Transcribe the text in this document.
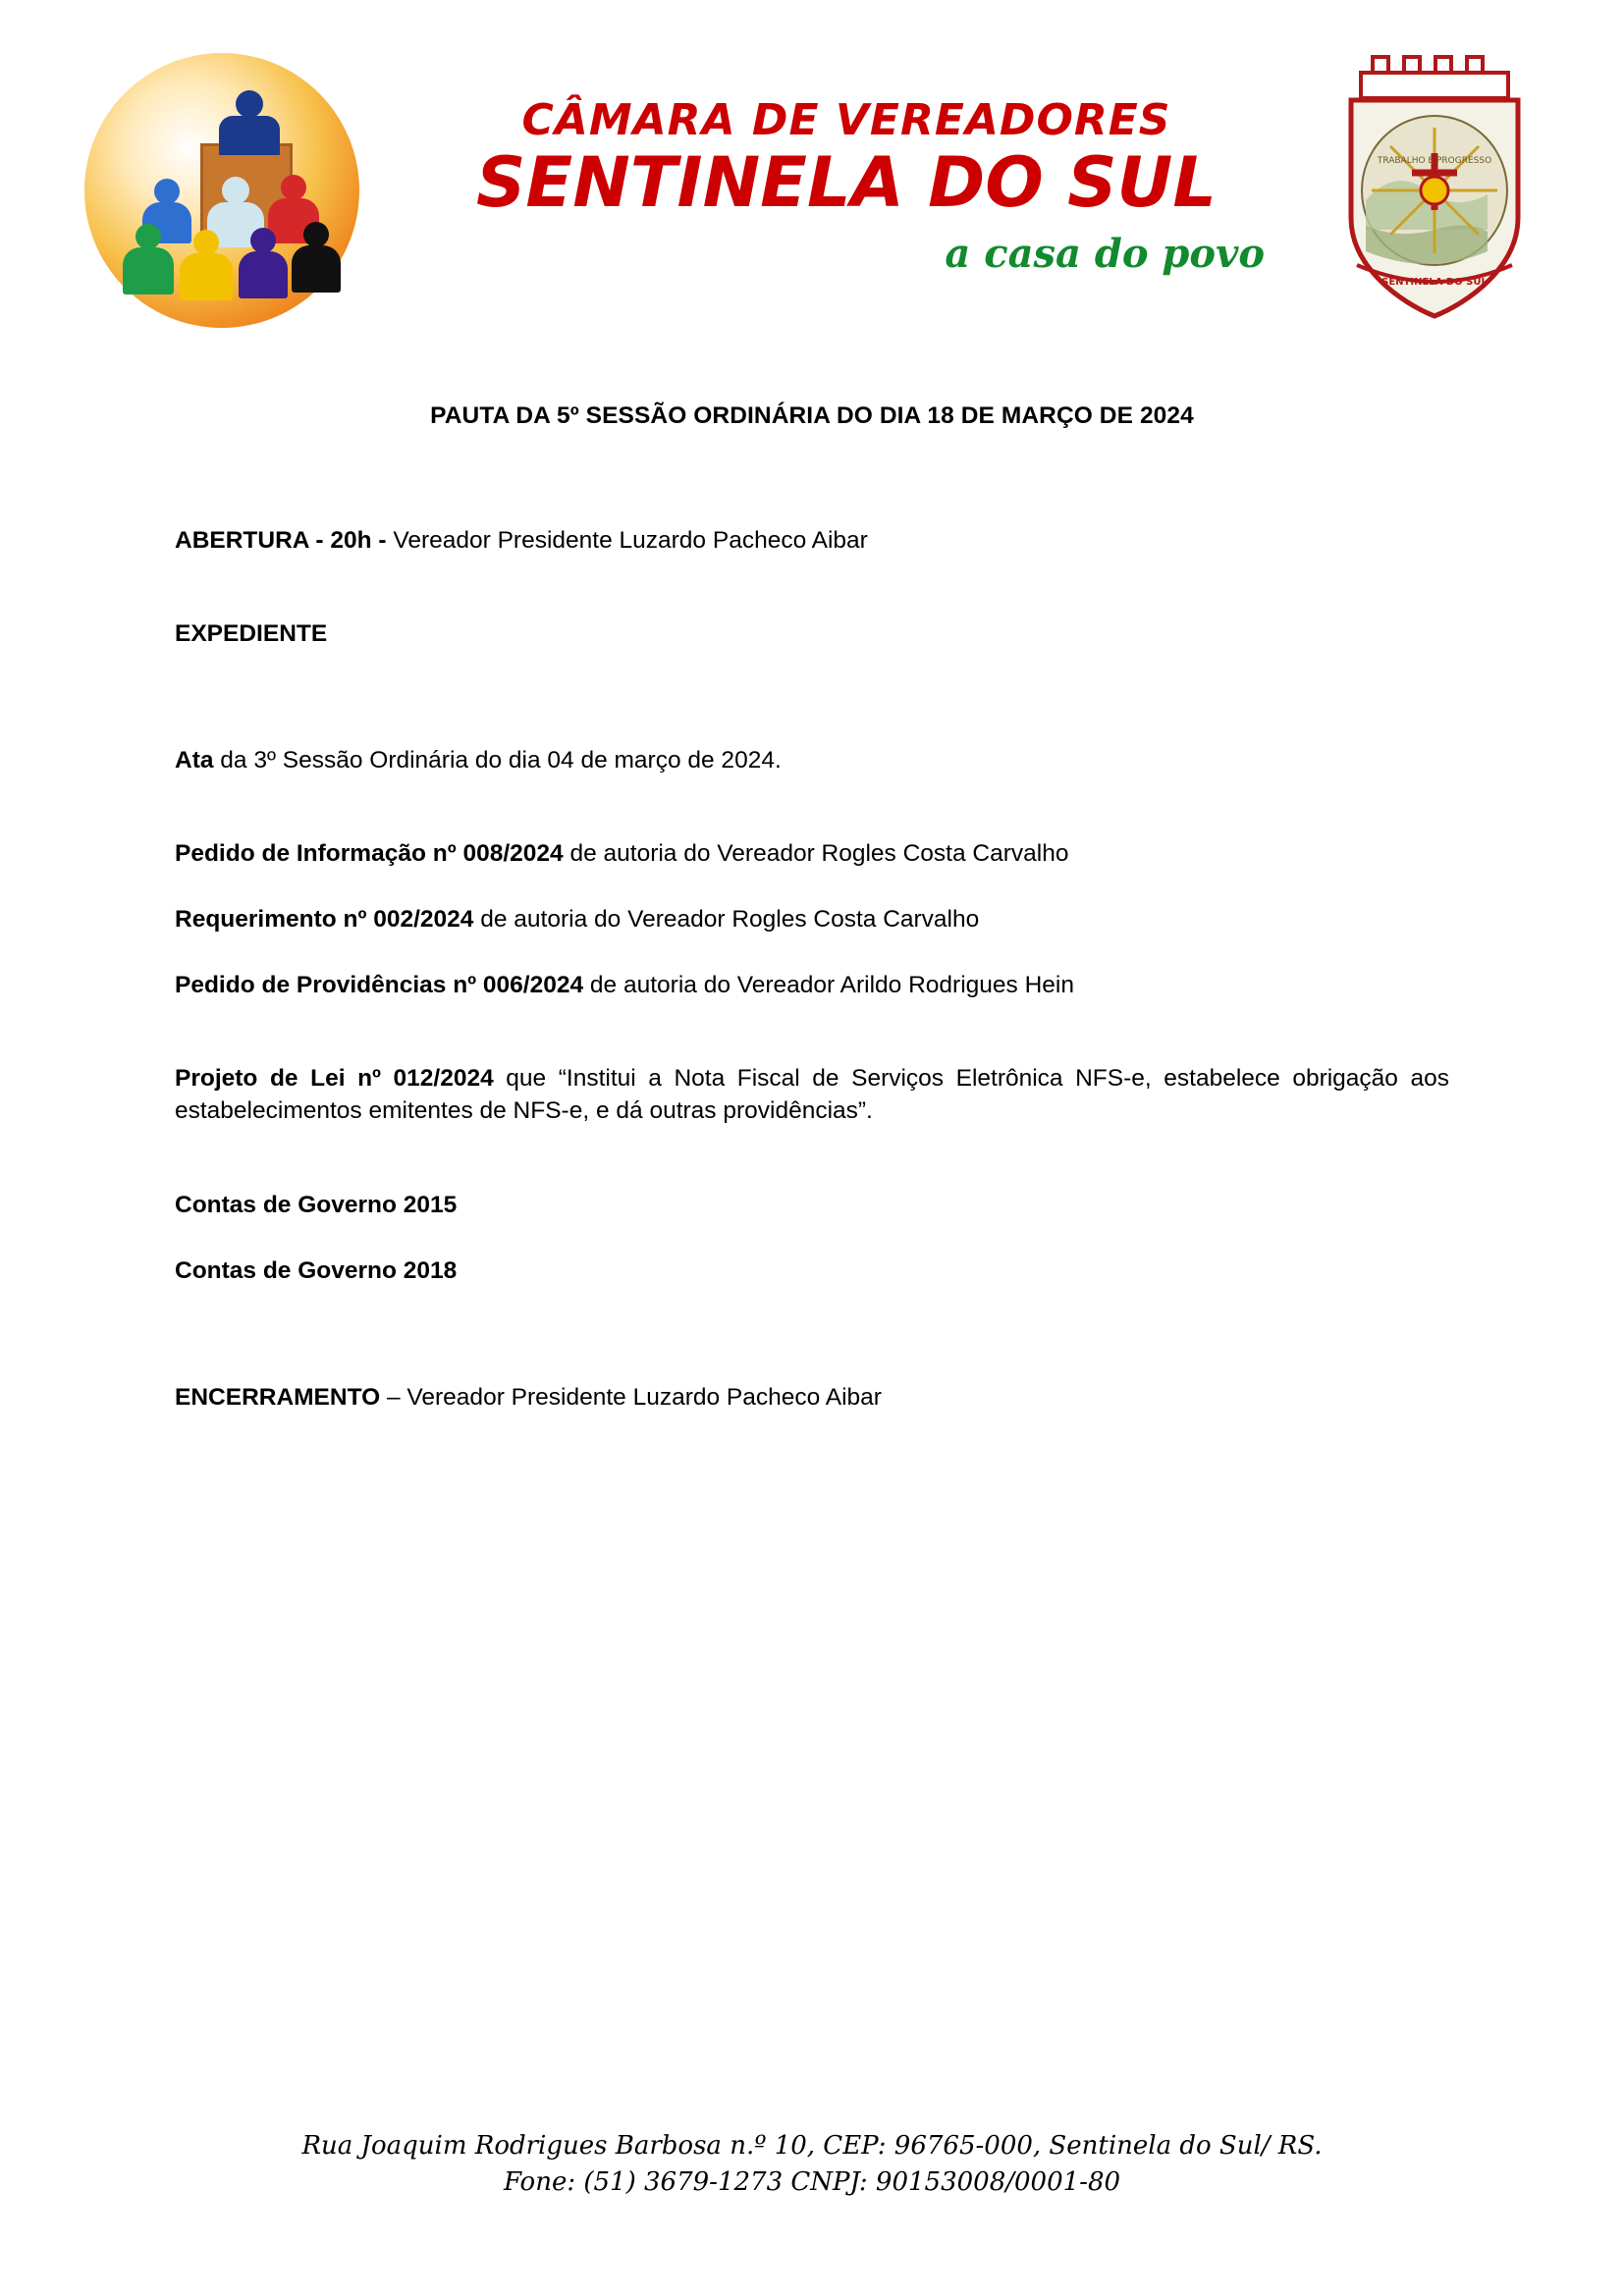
CÂMARA DE VEREADORES
SENTINELA DO SUL
a casa do povo
TRABALHO E PROGRESSO
SENTINELA DO SUL
PAUTA DA 5º SESSÃO ORDINÁRIA DO DIA 18 DE MARÇO DE 2024

ABERTURA - 20h - Vereador Presidente Luzardo Pacheco Aibar

EXPEDIENTE

Ata da 3º Sessão Ordinária do dia 04 de março de 2024.

Pedido de Informação nº 008/2024 de autoria do Vereador Rogles Costa Carvalho

Requerimento nº 002/2024 de autoria do Vereador Rogles Costa Carvalho

Pedido de Providências nº 006/2024 de autoria do Vereador Arildo Rodrigues Hein

Projeto de Lei nº 012/2024 que “Institui a Nota Fiscal de Serviços Eletrônica NFS-e, estabelece obrigação aos estabelecimentos emitentes de NFS-e, e dá outras providências”.

Contas de Governo 2015

Contas de Governo 2018

ENCERRAMENTO – Vereador Presidente Luzardo Pacheco Aibar

Rua Joaquim Rodrigues Barbosa n.º 10, CEP: 96765-000, Sentinela do Sul/ RS.
Fone: (51) 3679-1273 CNPJ: 90153008/0001-80
